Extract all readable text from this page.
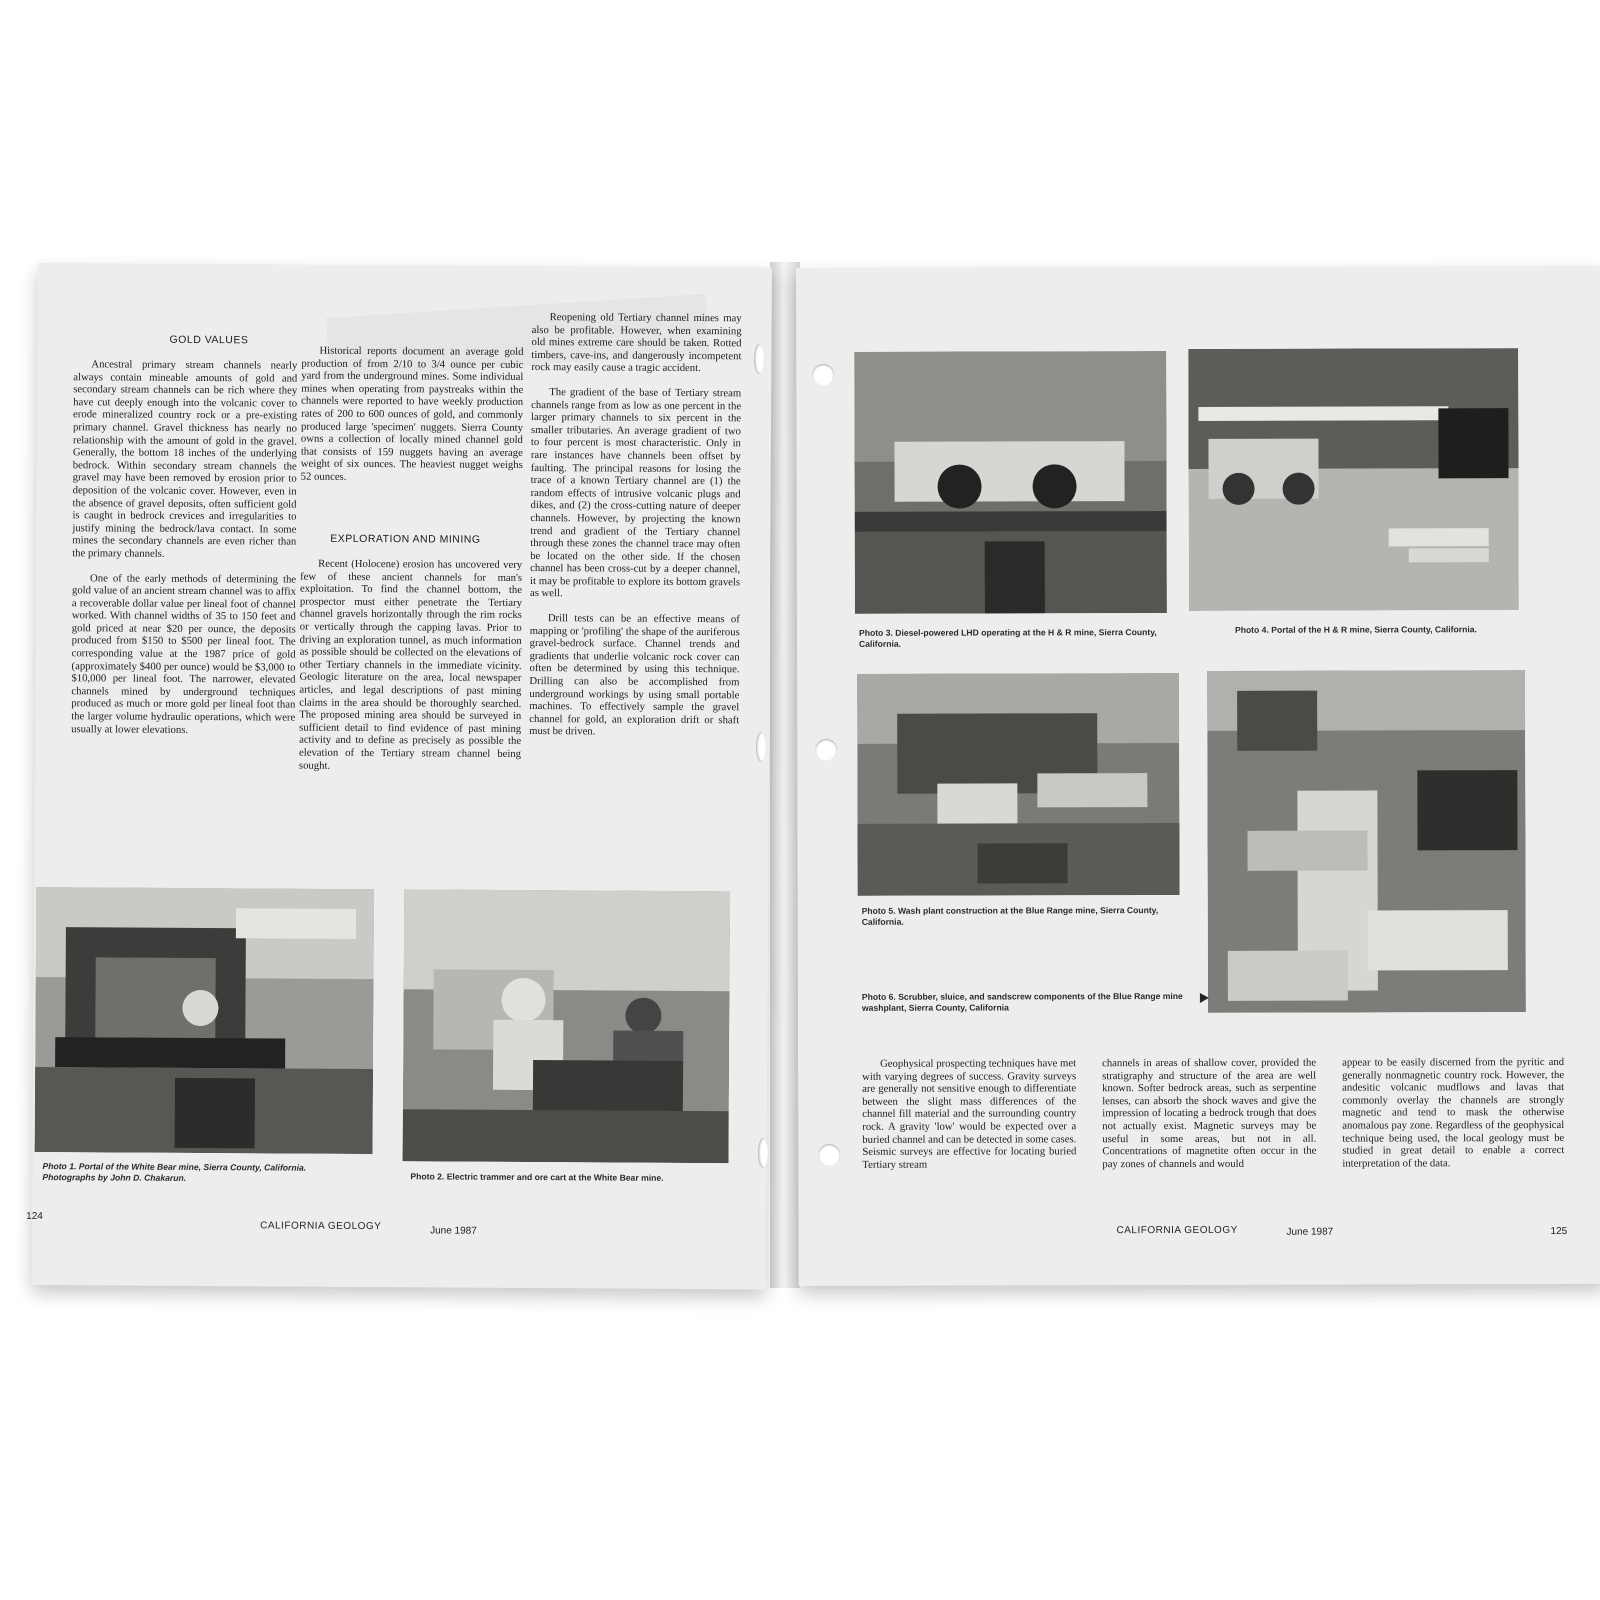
GOLD VALUES

Ancestral primary stream channels nearly always contain mineable amounts of gold and secondary stream channels can be rich where they have cut deeply enough into the volcanic cover to erode mineralized country rock or a pre-existing primary channel. Gravel thickness has nearly no relationship with the amount of gold in the gravel. Generally, the bottom 18 inches of the underlying bedrock. Within secondary stream channels the gravel may have been removed by erosion prior to deposition of the volcanic cover. However, even in the absence of gravel deposits, often sufficient gold is caught in bedrock crevices and irregularities to justify mining the bedrock/lava contact. In some mines the secondary channels are even richer than the primary channels.

One of the early methods of determining the gold value of an ancient stream channel was to affix a recoverable dollar value per lineal foot of channel worked. With channel widths of 35 to 150 feet and gold priced at near $20 per ounce, the deposits produced from $150 to $500 per lineal foot. The corresponding value at the 1987 price of gold (approximately $400 per ounce) would be $3,000 to $10,000 per lineal foot. The narrower, elevated channels mined by underground techniques produced as much or more gold per lineal foot than the larger volume hydraulic operations, which were usually at lower elevations.

Historical reports document an average gold production of from 2/10 to 3/4 ounce per cubic yard from the underground mines. Some individual mines when operating from paystreaks within the channels were reported to have weekly production rates of 200 to 600 ounces of gold, and commonly produced large 'specimen' nuggets. Sierra County owns a collection of locally mined channel gold that consists of 159 nuggets having an average weight of six ounces. The heaviest nugget weighs 52 ounces.

EXPLORATION AND MINING

Recent (Holocene) erosion has uncovered very few of these ancient channels for man's exploitation. To find the channel bottom, the prospector must either penetrate the Tertiary channel gravels horizontally through the rim rocks or vertically through the capping lavas. Prior to driving an exploration tunnel, as much information as possible should be collected on the elevations of other Tertiary channels in the immediate vicinity. Geologic literature on the area, local newspaper articles, and legal descriptions of past mining claims in the area should be thoroughly searched. The proposed mining area should be surveyed in sufficient detail to find evidence of past mining activity and to define as precisely as possible the elevation of the Tertiary stream channel being sought.

Reopening old Tertiary channel mines may also be profitable. However, when examining old mines extreme care should be taken. Rotted timbers, cave-ins, and dangerously incompetent rock may easily cause a tragic accident.

The gradient of the base of Tertiary stream channels range from as low as one percent in the larger primary channels to six percent in the smaller tributaries. An average gradient of two to four percent is most characteristic. Only in rare instances have channels been offset by faulting. The principal reasons for losing the trace of a known Tertiary channel are (1) the random effects of intrusive volcanic plugs and dikes, and (2) the cross-cutting nature of deeper channels. However, by projecting the known trend and gradient of the Tertiary channel through these zones the channel trace may often be located on the other side. If the chosen channel has been cross-cut by a deeper channel, it may be profitable to explore its bottom gravels as well.

Drill tests can be an effective means of mapping or 'profiling' the shape of the auriferous gravel-bedrock surface. Channel trends and gradients that underlie volcanic rock cover can often be determined by using this technique. Drilling can also be accomplished from underground workings by using small portable machines. To effectively sample the gravel channel for gold, an exploration drift or shaft must be driven.

Photo 1. Portal of the White Bear mine, Sierra County, California. Photographs by John D. Chakarun.	Photo 2. Electric trammer and ore cart at the White Bear mine.
124
CALIFORNIA GEOLOGY	June 1987
Photo 3. Diesel-powered LHD operating at the H & R mine, Sierra County, California.
Photo 4. Portal of the H & R mine, Sierra County, California.
Photo 5. Wash plant construction at the Blue Range mine, Sierra County, California.
Photo 6. Scrubber, sluice, and sandscrew components of the Blue Range mine washplant, Sierra County, California

Geophysical prospecting techniques have met with varying degrees of success. Gravity surveys are generally not sensitive enough to differentiate between the slight mass differences of the channel fill material and the surrounding country rock. A gravity 'low' would be expected over a buried channel and can be detected in some cases. Seismic surveys are effective for locating buried Tertiary stream

channels in areas of shallow cover, provided the stratigraphy and structure of the area are well known. Softer bedrock areas, such as serpentine lenses, can absorb the shock waves and give the impression of locating a bedrock trough that does not actually exist. Magnetic surveys may be useful in some areas, but not in all. Concentrations of magnetite often occur in the pay zones of channels and would

appear to be easily discerned from the pyritic and generally nonmagnetic country rock. However, the andesitic volcanic mudflows and lavas that commonly overlay the channels are strongly magnetic and tend to mask the otherwise anomalous pay zone. Regardless of the geophysical technique being used, the local geology must be studied in great detail to enable a correct interpretation of the data.

CALIFORNIA GEOLOGY	June 1987	125
